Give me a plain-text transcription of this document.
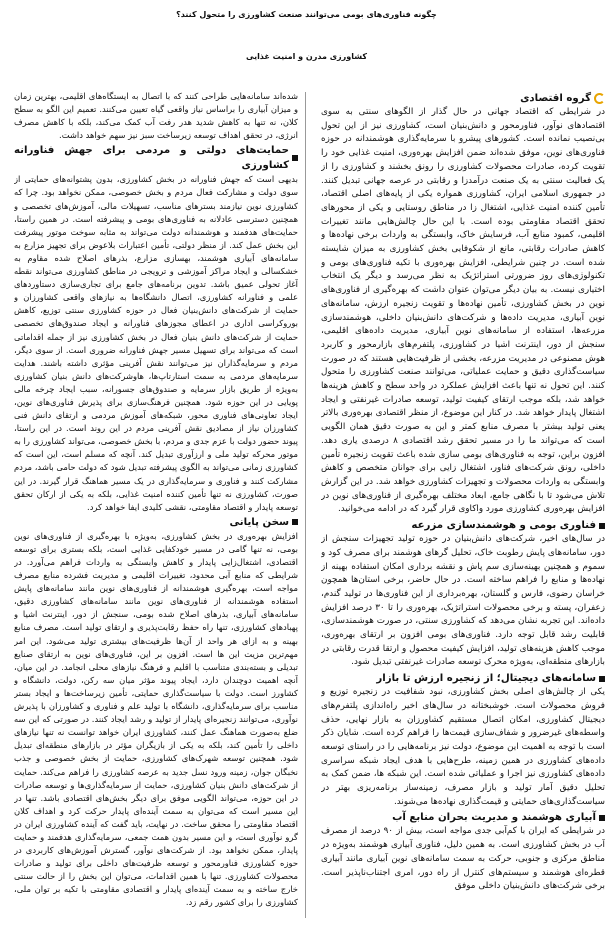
چگونه فناوری‌های بومی می‌توانند صنعت کشاورزی را متحول کنند؟
کشاورزی مدرن و امنیت غذایی
گروه اقتصادی

در شرایطی که اقتصاد جهانی در حال گذار از الگوهای سنتی به سوی اقتصادهای نوآور، فناورمحور و دانش‌بنیان است، کشاورزی نیز از این تحول بی‌نصیب نمانده است. کشورهای پیشرو با سرمایه‌گذاری هوشمندانه در حوزه فناوری‌های نوین، موفق شده‌اند ضمن افزایش بهره‌وری، امنیت غذایی خود را تقویت کرده، صادرات محصولات کشاورزی را رونق بخشند و کشاورزی را از یک فعالیت سنتی به یک صنعت درآمدزا و رقابتی در عرصه جهانی تبدیل کنند. در جمهوری اسلامی ایران، کشاورزی همواره یکی از پایه‌های اصلی اقتصاد، تأمین کننده امنیت غذایی، اشتغال زا در مناطق روستایی و یکی از محورهای تحقق اقتصاد مقاومتی بوده است. با این حال چالش‌هایی مانند تغییرات اقلیمی، کمبود منابع آب، فرسایش خاک، وابستگی به واردات برخی نهاده‌ها و کاهش صادرات رقابتی، مانع از شکوفایی بخش کشاورزی به میزان شایسته شده است. در چنین شرایطی، افزایش بهره‌وری با تکیه فناوری‌های بومی و تکنولوژی‌های روز ضرورتی استراتژیک به نظر می‌رسد و دیگر یک انتخاب اختیاری نیست. به بیان دیگر می‌توان عنوان داشت که بهره‌گیری از فناوری‌های نوین در بخش کشاورزی، تأمین نهاده‌ها و تقویت زنجیره ارزش، سامانه‌های نوین آبیاری، مدیریت داده‌ها و شرکت‌های دانش‌بنیان داخلی، هوشمندسازی مزرعه‌ها، استفاده از سامانه‌های نوین آبیاری، مدیریت داده‌های اقلیمی، سنجش از دور، اینترنت اشیا در کشاورزی، پلتفرم‌های بازارمحور و کاربرد هوش مصنوعی در مدیریت مزرعه، بخشی از ظرفیت‌هایی هستند که در صورت سیاست‌گذاری دقیق و حمایت عملیاتی، می‌توانند صنعت کشاورزی را متحول کنند. این تحول نه تنها باعث افزایش عملکرد در واحد سطح و کاهش هزینه‌ها خواهد شد، بلکه موجب ارتقای کیفیت تولید، توسعه صادرات غیرنفتی و ایجاد اشتغال پایدار خواهد شد. در کنار این موضوع، از منظر اقتصادی بهره‌وری بالاتر یعنی تولید بیشتر با مصرف منابع کمتر و این به صورت دقیق همان الگویی است که می‌تواند ما را در مسیر تحقق رشد اقتصادی ۸ درصدی یاری دهد. افزون براین، توجه به فناوری‌های بومی سازی شده باعث تقویت زنجیره تأمین داخلی، رونق شرکت‌های فناور، اشتغال زایی برای جوانان متخصص و کاهش وابستگی به واردات محصولات و تجهیزات کشاورزی خواهد شد. در این گزارش تلاش می‌شود تا با نگاهی جامع، ابعاد مختلف بهره‌گیری از فناوری‌های نوین در افزایش بهره‌وری کشاورزی مورد واکاوی قرار گیرد که در ادامه می‌خوانید.

فناوری بومی و هوشمندسازی مزرعه

در سال‌های اخیر، شرکت‌های دانش‌بنیان در حوزه تولید تجهیزات سنجش از دور، سامانه‌های پایش رطوبت خاک، تحلیل گرهای هوشمند برای مصرف کود و سموم و همچنین بهینه‌سازی سم پاش و نقشه برداری امکان استفاده بهینه از نهاده‌ها و منابع را فراهم ساخته است. در حال حاضر، برخی استان‌ها همچون خراسان رضوی، فارس و گلستان، بهره‌برداری از این فناوری‌ها در تولید گندم، زعفران، پسته و برخی محصولات استراتژیک، بهره‌وری را تا ۳۰ درصد افزایش داده‌اند. این تجربه نشان می‌دهد که کشاورزی سنتی، در صورت هوشمندسازی، قابلیت رشد قابل توجه دارد. فناوری‌های بومی افزون بر ارتقای بهره‌وری، موجب کاهش هزینه‌های تولید، افزایش کیفیت محصول و ارتقا قدرت رقابتی در بازارهای منطقه‌ای، به‌ویژه محرک توسعه صادرات غیرنفتی تبدیل شود.

سامانه‌های دیجیتال؛ از زنجیره ارزش تا بازار

یکی از چالش‌های اصلی بخش کشاورزی، نبود شفافیت در زنجیره توزیع و فروش محصولات است. خوشبختانه در سال‌های اخیر راه‌اندازی پلتفرم‌های دیجیتال کشاورزی، امکان اتصال مستقیم کشاورزان به بازار نهایی، حذف واسطه‌های غیرضرور و شفاف‌سازی قیمت‌ها را فراهم کرده است. شایان ذکر است با توجه به اهمیت این موضوع، دولت نیز برنامه‌هایی را در راستای توسعه داده‌های کشاورزی در همین زمینه، طرح‌هایی با هدف ایجاد شبکه سراسری داده‌های کشاورزی نیز اجرا و عملیاتی شده است. این شبکه ها، ضمن کمک به تحلیل دقیق آمار تولید و بازار مصرف، زمینه‌ساز برنامه‌ریزی بهتر در سیاست‌گذاری‌های حمایتی و قیمت‌گذاری نهاده‌ها می‌شوند.

آبیاری هوشمند و مدیریت بحران منابع آب

در شرایطی که ایران با کم‌آبی جدی مواجه است، بیش از ۹۰ درصد از مصرف آب در بخش کشاورزی است. به همین دلیل، فناوری آبیاری هوشمند به‌ویژه در مناطق مرکزی و جنوبی، حرکت به سمت سامانه‌های نوین آبیاری مانند آبیاری قطره‌ای هوشمند و سیستم‌های کنترل از راه دور، امری اجتناب‌ناپذیر است. برخی شرکت‌های دانش‌بنیان داخلی موفق

شده‌اند سامانه‌هایی طراحی کنند که با اتصال به ایستگاه‌های اقلیمی، بهترین زمان و میزان آبیاری را براساس نیاز واقعی گیاه تعیین می‌کنند. تعمیم این الگو به سطح کلان، نه تنها به کاهش شدید هدر رفت آب کمک می‌کند، بلکه با کاهش مصرف انرژی، در تحقق اهداف توسعه زیرساخت سبز نیز سهم خواهد داشت.

حمایت‌های دولتی و مردمی برای جهش فناورانه کشاورزی

بدیهی است که جهش فناورانه در بخش کشاورزی، بدون پشتوانه‌های حمایتی از سوی دولت و مشارکت فعال مردم و بخش خصوصی، ممکن نخواهد بود. چرا که کشاورزی نوین نیازمند بسترهای مناسب، تسهیلات مالی، آموزش‌های تخصصی و همچنین دسترسی عادلانه به فناوری‌های بومی و پیشرفته است. در همین راستا، حمایت‌های هدفمند و هوشمندانه دولت می‌تواند به مثابه سوخت موتور پیشرفت این بخش عمل کند. از منظر دولتی، تأمین اعتبارات بلاعوض برای تجهیز مزارع به سامانه‌های آبیاری هوشمند، بهسازی مزارع، بذرهای اصلاح شده مقاوم به خشکسالی و ایجاد مراکز آموزشی و ترویجی در مناطق کشاورزی می‌تواند نقطه آغاز تحولی عمیق باشد. تدوین برنامه‌های جامع برای تجاری‌سازی دستاوردهای علمی و فناورانه کشاورزی، اتصال دانشگاه‌ها به نیازهای واقعی کشاورزان و حمایت از شرکت‌های دانش‌بنیان فعال در حوزه کشاورزی سنتی توزیع، کاهش بوروکراسی اداری در اعطای مجوزهای فناورانه و ایجاد صندوق‌های تخصصی حمایت از شرکت‌های دانش بنیان فعال در بخش کشاورزی نیز از جمله اقداماتی است که می‌تواند برای تسهیل مسیر جهش فناورانه ضروری است. از سوی دیگر، مردم و سرمایه‌گذاران نیز می‌توانند نقش آفرینی مؤثری داشته باشند. هدایت سرمایه‌های مردمی به سمت استارتاپ‌ها، هاوشرکت‌های دانش بنیان کشاورزی به‌ویژه از طریق بازار سرمایه و صندوق‌های جسورانه، سبب ایجاد چرخه مالی پویایی در این حوزه شود. همچنین فرهنگ‌سازی برای پذیرش فناوری‌های نوین، ایجاد تعاونی‌های فناوری محور، شبکه‌های آموزش مردمی و ارتقای دانش فنی کشاورزان نیاز از مصادیق نقش آفرینی مردم در این روند است. در این راستا، پیوند حضور دولت با عزم جدی و مردم، با بخش خصوصی، می‌تواند کشاورزی را به موتور محرکه تولید ملی و ارزآوری تبدیل کند. آنچه که مسلم است، این است که کشاورزی زمانی می‌تواند به الگوی پیشرفته تبدیل شود که دولت حامی باشد، مردم مشارکت کنند و فناوری و سرمایه‌گذاری در یک مسیر هماهنگ قرار گیرند. در این صورت، کشاورزی نه تنها تأمین کننده امنیت غذایی، بلکه به یکی از ارکان تحقق توسعه پایدار و اقتصاد مقاومتی، نقشی کلیدی ایفا خواهد کرد.

سخن پایانی

افزایش بهره‌وری در بخش کشاورزی، به‌ویژه با بهره‌گیری از فناوری‌های نوین بومی، نه تنها گامی در مسیر خودکفایی غذایی است، بلکه بستری برای توسعه اقتصادی، اشتغال‌زایی پایدار و کاهش وابستگی به واردات فراهم می‌آورد. در شرایطی که منابع آبی محدود، تغییرات اقلیمی و مدیریت فشرده منابع مصرف مواجه است، بهره‌گیری هوشمندانه از فناوری‌های نوین مانند سامانه‌های پایش استفاده هوشمندانه از فناوری‌های نوین مانند سامانه‌های کشاورزی دقیق، سامانه‌های آبیاری، بذرهای اصلاح شده بومی، سنجش از دور، اینترنت اشیا و پهبادهای کشاورزی، تنها راه حفظ رقابت‌پذیری و ارتقای تولید است. مصرف منابع بهینه و به ازای هر واحد از آن‌ها ظرفیت‌های بیشتری تولید می‌شود. این امر مهم‌ترین مزیت این ها است. افزون بر این، فناوری‌های نوین به ارتقای صنایع تبدیلی و بسته‌بندی متناسب با اقلیم و فرهنگ نیازهای محلی انجامد. در این میان، آنچه اهمیت دوچندان دارد، ایجاد پیوند مؤثر میان سه رکن، دولت، دانشگاه و کشاورز است. دولت با سیاست‌گذاری حمایتی، تأمین زیرساخت‌ها و ایجاد بستر مناسب برای سرمایه‌گذاری، دانشگاه با تولید علم و فناوری و کشاورزان با پذیرش نوآوری، می‌توانند زنجیره‌ای پایدار از تولید و رشد ایجاد کنند. در صورتی که این سه ضلع به‌صورت هماهنگ عمل کنند، کشاورزی ایران خواهد توانست نه تنها نیازهای داخلی را تأمین کند، بلکه به یکی از بازیگران مؤثر در بازارهای منطقه‌ای تبدیل شود. همچنین توسعه شهرک‌های کشاورزی، حمایت از بخش خصوصی و جذب نخبگان جوان، زمینه ورود نسل جدید به عرصه کشاورزی را فراهم می‌کند. حمایت از شرکت‌های دانش بنیان کشاورزی، حمایت از سرمایه‌گذاری‌ها و توسعه صادرات در این حوزه، می‌تواند الگویی موفق برای دیگر بخش‌های اقتصادی باشد. تنها در این مسیر است که می‌توان به سمت آینده‌ای پایدار حرکت کرد و اهداف کلان اقتصاد مقاومتی را محقق ساخت. در نهایت، باید گفت که آینده کشاورزی ایران در گرو نوآوری است، و این مسیر بدون همت جمعی، سرمایه‌گذاری هدفمند و حمایت پایدار، ممکن نخواهد بود. از شرکت‌های نوآور، گسترش آموزش‌های کاربردی در حوزه کشاورزی فناورمحور و توسعه ظرفیت‌های داخلی برای تولید و صادرات محصولات کشاورزی. تنها با همین اقدامات، می‌توان این بخش را از حالت سنتی خارج ساخته و به سمت آینده‌ای پایدار و اقتصادی مقاومتی با تکیه بر توان ملی، کشاورزی را برای کشور رقم زد.
